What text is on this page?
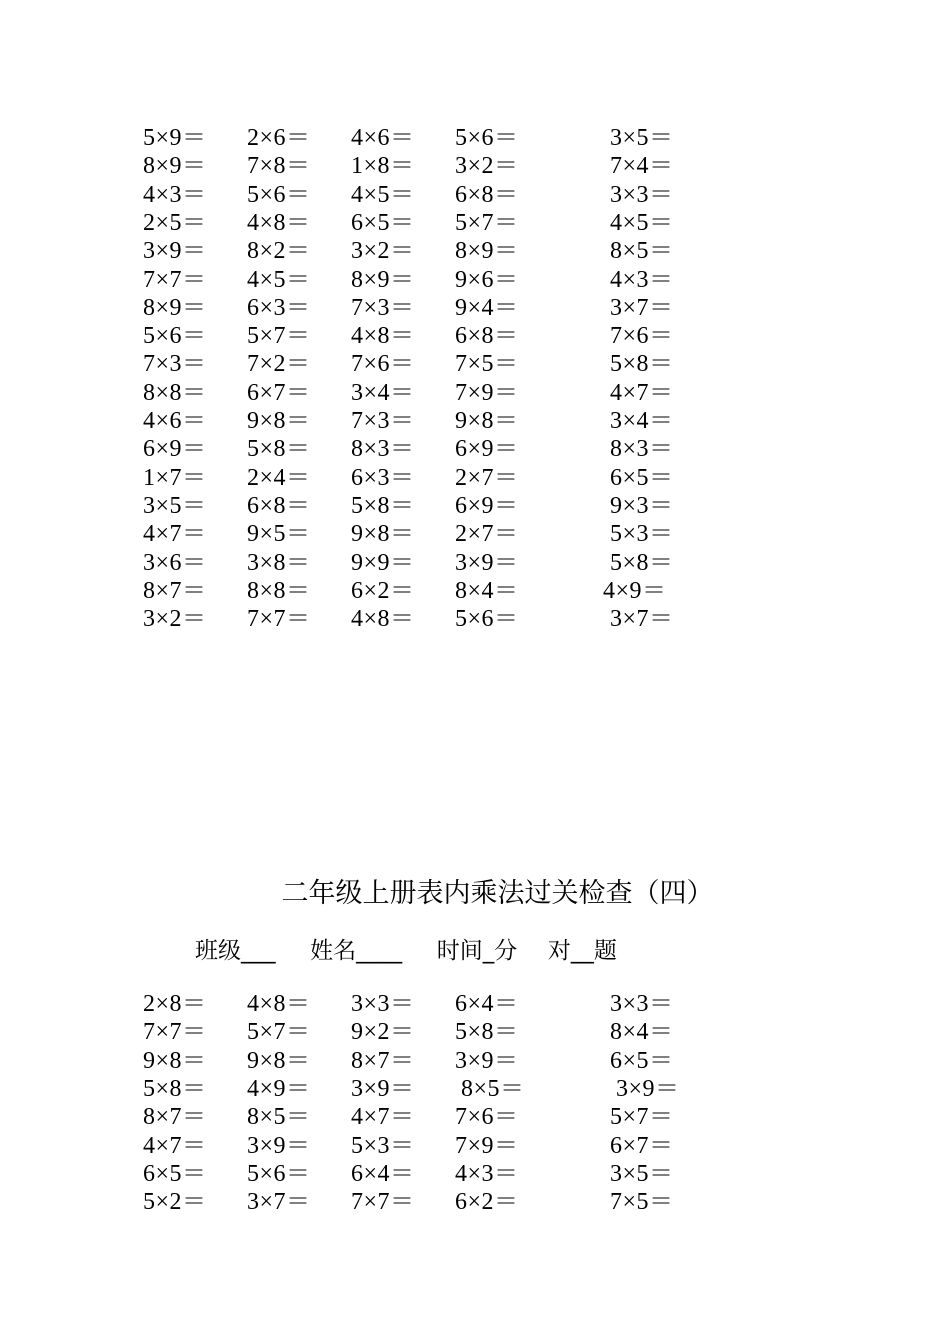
5×9＝ 2×6＝ 4×6＝ 5×6＝	3×5＝
8×9＝ 7×8＝ 1×8＝ 3×2＝	7×4＝
4×3＝ 5×6＝ 4×5＝ 6×8＝	3×3＝
2×5＝ 4×8＝ 6×5＝ 5×7＝	4×5＝
3×9＝ 8×2＝ 3×2＝ 8×9＝	8×5＝
7×7＝ 4×5＝ 8×9＝ 9×6＝	4×3＝
8×9＝ 6×3＝ 7×3＝ 9×4＝	3×7＝
5×6＝ 5×7＝ 4×8＝ 6×8＝	7×6＝
7×3＝ 7×2＝ 7×6＝ 7×5＝	5×8＝
8×8＝ 6×7＝ 3×4＝ 7×9＝	4×7＝
4×6＝ 9×8＝ 7×3＝ 9×8＝	3×4＝
6×9＝ 5×8＝ 8×3＝ 6×9＝	8×3＝
1×7＝ 2×4＝ 6×3＝ 2×7＝	6×5＝
3×5＝ 6×8＝ 5×8＝ 6×9＝	9×3＝
4×7＝ 9×5＝ 9×8＝ 2×7＝	5×3＝
3×6＝ 3×8＝ 9×9＝ 3×9＝	5×8＝
8×7＝ 8×8＝ 6×2＝ 8×4＝	4×9＝
3×2＝ 7×7＝ 4×8＝ 5×6＝	3×7＝
二年级上册表内乘法过关检查（四）
班级___ 姓名____ 时间_分 对__题
2×8＝ 4×8＝ 3×3＝ 6×4＝	3×3＝
7×7＝ 5×7＝ 9×2＝ 5×8＝	8×4＝
9×8＝ 9×8＝ 8×7＝ 3×9＝	6×5＝
5×8＝ 4×9＝ 3×9＝ 8×5＝	3×9＝
8×7＝ 8×5＝ 4×7＝ 7×6＝	5×7＝
4×7＝ 3×9＝ 5×3＝ 7×9＝	6×7＝
6×5＝ 5×6＝ 6×4＝ 4×3＝	3×5＝
5×2＝ 3×7＝ 7×7＝ 6×2＝	7×5＝
